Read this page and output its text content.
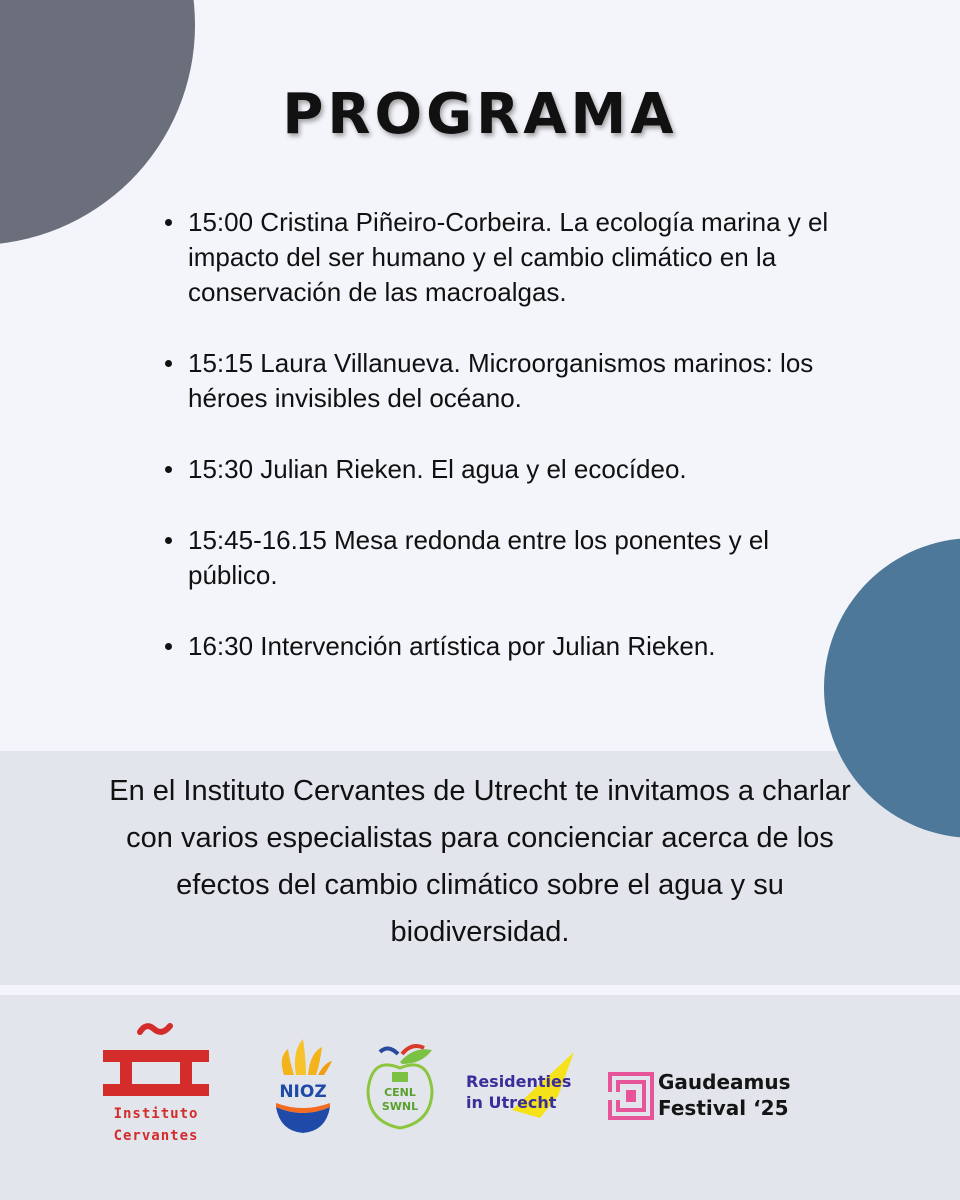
PROGRAMA
15:00 Cristina Piñeiro-Corbeira. La ecología marina y el impacto del ser humano y el cambio climático en la conservación de las macroalgas.
15:15 Laura Villanueva. Microorganismos marinos: los héroes invisibles del océano.
15:30 Julian Rieken. El agua y el ecocídeo.
15:45-16.15 Mesa redonda entre los ponentes y el público.
16:30 Intervención artística por Julian Rieken.
En el Instituto Cervantes de Utrecht te invitamos a charlar con varios especialistas para concienciar acerca de los efectos del cambio climático sobre el agua y su biodiversidad.
Instituto
Cervantes
NIOZ	CENL
SWNL
Residenties
in Utrecht
Gaudeamus
Festival ‘25
